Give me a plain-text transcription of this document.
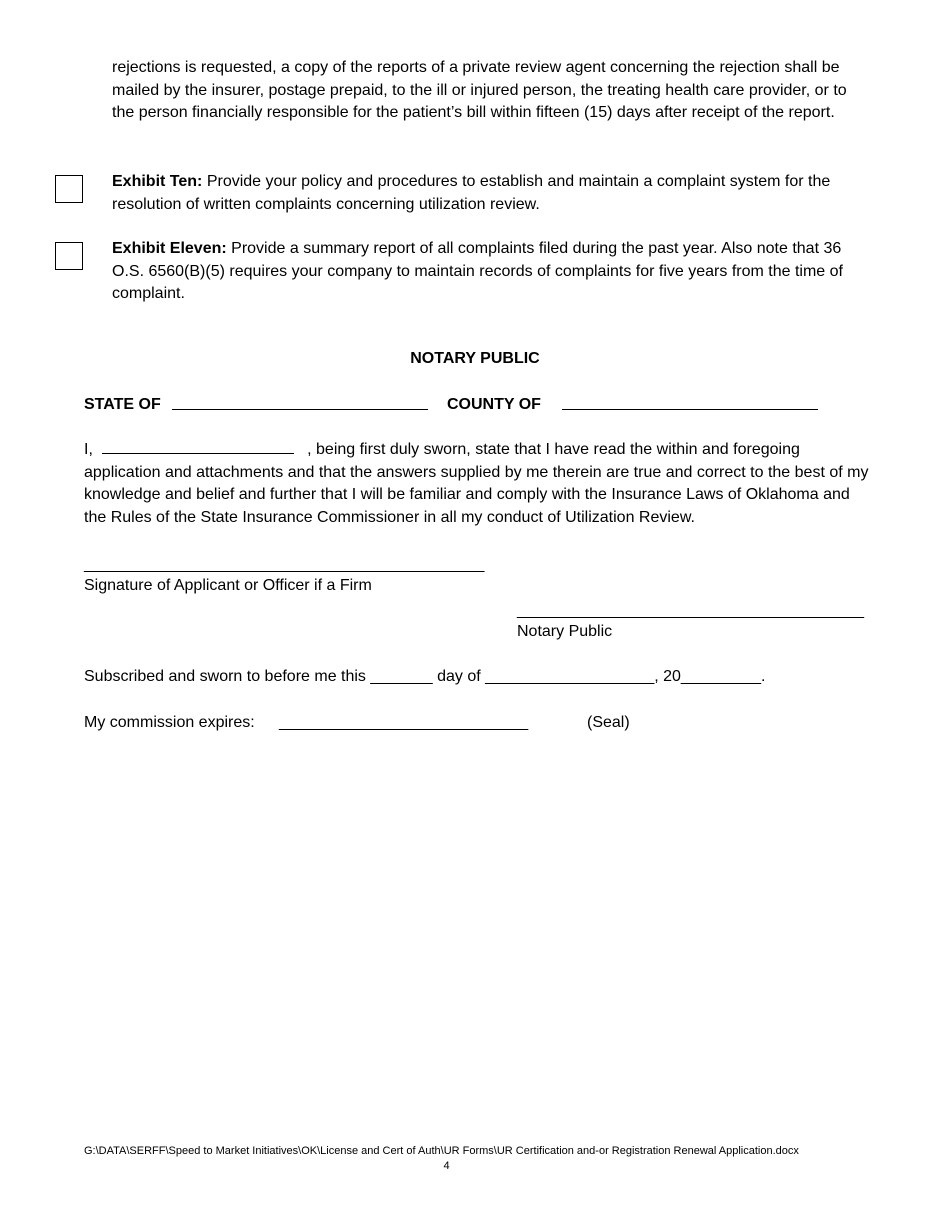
rejections is requested, a copy of the reports of a private review agent concerning the rejection shall be mailed by the insurer, postage prepaid, to the ill or injured person, the treating health care provider, or to the person financially responsible for the patient’s bill within fifteen (15) days after receipt of the report.
Exhibit Ten: Provide your policy and procedures to establish and maintain a complaint system for the resolution of written complaints concerning utilization review.
Exhibit Eleven: Provide a summary report of all complaints filed during the past year. Also note that 36 O.S. 6560(B)(5) requires your company to maintain records of complaints for five years from the time of complaint.
NOTARY PUBLIC
STATE OF	COUNTY OF
I,	, being first duly sworn, state that I have read the within and foregoing application and attachments and that the answers supplied by me therein are true and correct to the best of my knowledge and belief and further that I will be familiar and comply with the Insurance Laws of Oklahoma and the Rules of the State Insurance Commissioner in all my conduct of Utilization Review.
_____________________________________________
Signature of Applicant or Officer if a Firm
_______________________________________
Notary Public
Subscribed and sworn to before me this _______ day of ___________________, 20_________.
My commission expires: ____________________________	(Seal)
G:\DATA\SERFF\Speed to Market Initiatives\OK\License and Cert of Auth\UR Forms\UR Certification and-or Registration Renewal Application.docx
4
